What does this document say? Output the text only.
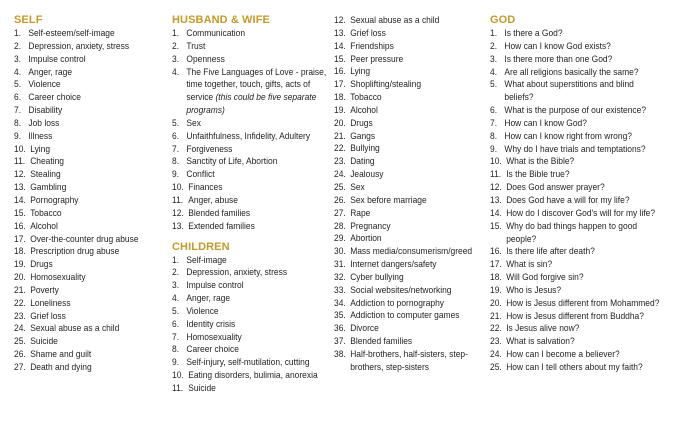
SELF
1. Self-esteem/self-image
2. Depression, anxiety, stress
3. Impulse control
4. Anger, rage
5. Violence
6. Career choice
7. Disability
8. Job loss
9. Illness
10. Lying
11. Cheating
12. Stealing
13. Gambling
14. Pornography
15. Tobacco
16. Alcohol
17. Over-the-counter drug abuse
18. Prescription drug abuse
19. Drugs
20. Homosexuality
21. Poverty
22. Loneliness
23. Grief loss
24. Sexual abuse as a child
25. Suicide
26. Shame and guilt
27. Death and dying
HUSBAND & WIFE
1. Communication
2. Trust
3. Openness
4. The Five Languages of Love - praise, time together, touch, gifts, acts of service (this could be five separate programs)
5. Sex
6. Unfaithfulness, Infidelity, Adultery
7. Forgiveness
8. Sanctity of Life, Abortion
9. Conflict
10. Finances
11. Anger, abuse
12. Blended families
13. Extended families
CHILDREN
1. Self-image
2. Depression, anxiety, stress
3. Impulse control
4. Anger, rage
5. Violence
6. Identity crisis
7. Homosexuality
8. Career choice
9. Self-injury, self-mutilation, cutting
10. Eating disorders, bulimia, anorexia
11. Suicide
12. Sexual abuse as a child
13. Grief loss
14. Friendships
15. Peer pressure
16. Lying
17. Shoplifting/stealing
18. Tobacco
19. Alcohol
20. Drugs
21. Gangs
22. Bullying
23. Dating
24. Jealousy
25. Sex
26. Sex before marriage
27. Rape
28. Pregnancy
29. Abortion
30. Mass media/consumerism/greed
31. Internet dangers/safety
32. Cyber bullying
33. Social websites/networking
34. Addiction to pornography
35. Addiction to computer games
36. Divorce
37. Blended families
38. Half-brothers, half-sisters, step-brothers, step-sisters
GOD
1. Is there a God?
2. How can I know God exists?
3. Is there more than one God?
4. Are all religions basically the same?
5. What about superstitions and blind beliefs?
6. What is the purpose of our existence?
7. How can I know God?
8. How can I know right from wrong?
9. Why do I have trials and temptations?
10. What is the Bible?
11. Is the Bible true?
12. Does God answer prayer?
13. Does God have a will for my life?
14. How do I discover God's will for my life?
15. Why do bad things happen to good people?
16. Is there life after death?
17. What is sin?
18. Will God forgive sin?
19. Who is Jesus?
20. How is Jesus different from Mohammed?
21. How is Jesus different from Buddha?
22. Is Jesus alive now?
23. What is salvation?
24. How can I become a believer?
25. How can I tell others about my faith?
